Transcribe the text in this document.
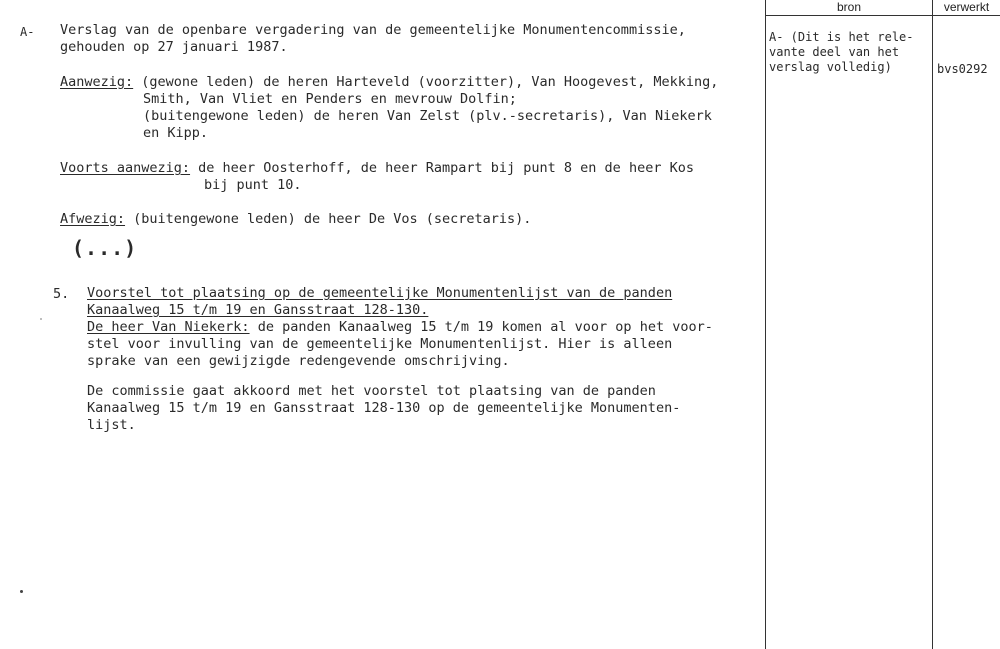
A- Verslag van de openbare vergadering van de gemeentelijke Monumentencommissie,
gehouden op 27 januari 1987.
Aanwezig: (gewone leden) de heren Harteveld (voorzitter), Van Hoogevest, Mekking,
Smith, Van Vliet en Penders en mevrouw Dolfin;
(buitengewone leden) de heren Van Zelst (plv.-secretaris), Van Niekerk
en Kipp.
Voorts aanwezig: de heer Oosterhoff, de heer Rampart bij punt 8 en de heer Kos
bij punt 10.
Afwezig: (buitengewone leden) de heer De Vos (secretaris).
(...)
5. Voorstel tot plaatsing op de gemeentelijke Monumentenlijst van de panden
Kanaalweg 15 t/m 19 en Gansstraat 128-130.
De heer Van Niekerk: de panden Kanaalweg 15 t/m 19 komen al voor op het voor-
stel voor invulling van de gemeentelijke Monumentenlijst. Hier is alleen
sprake van een gewijzigde redengevende omschrijving.
De commissie gaat akkoord met het voorstel tot plaatsing van de panden
Kanaalweg 15 t/m 19 en Gansstraat 128-130 op de gemeentelijke Monumenten-
lijst.
bron	verwerkt
A- (Dit is het rele-
vante deel van het
verslag volledig)	bvs0292
